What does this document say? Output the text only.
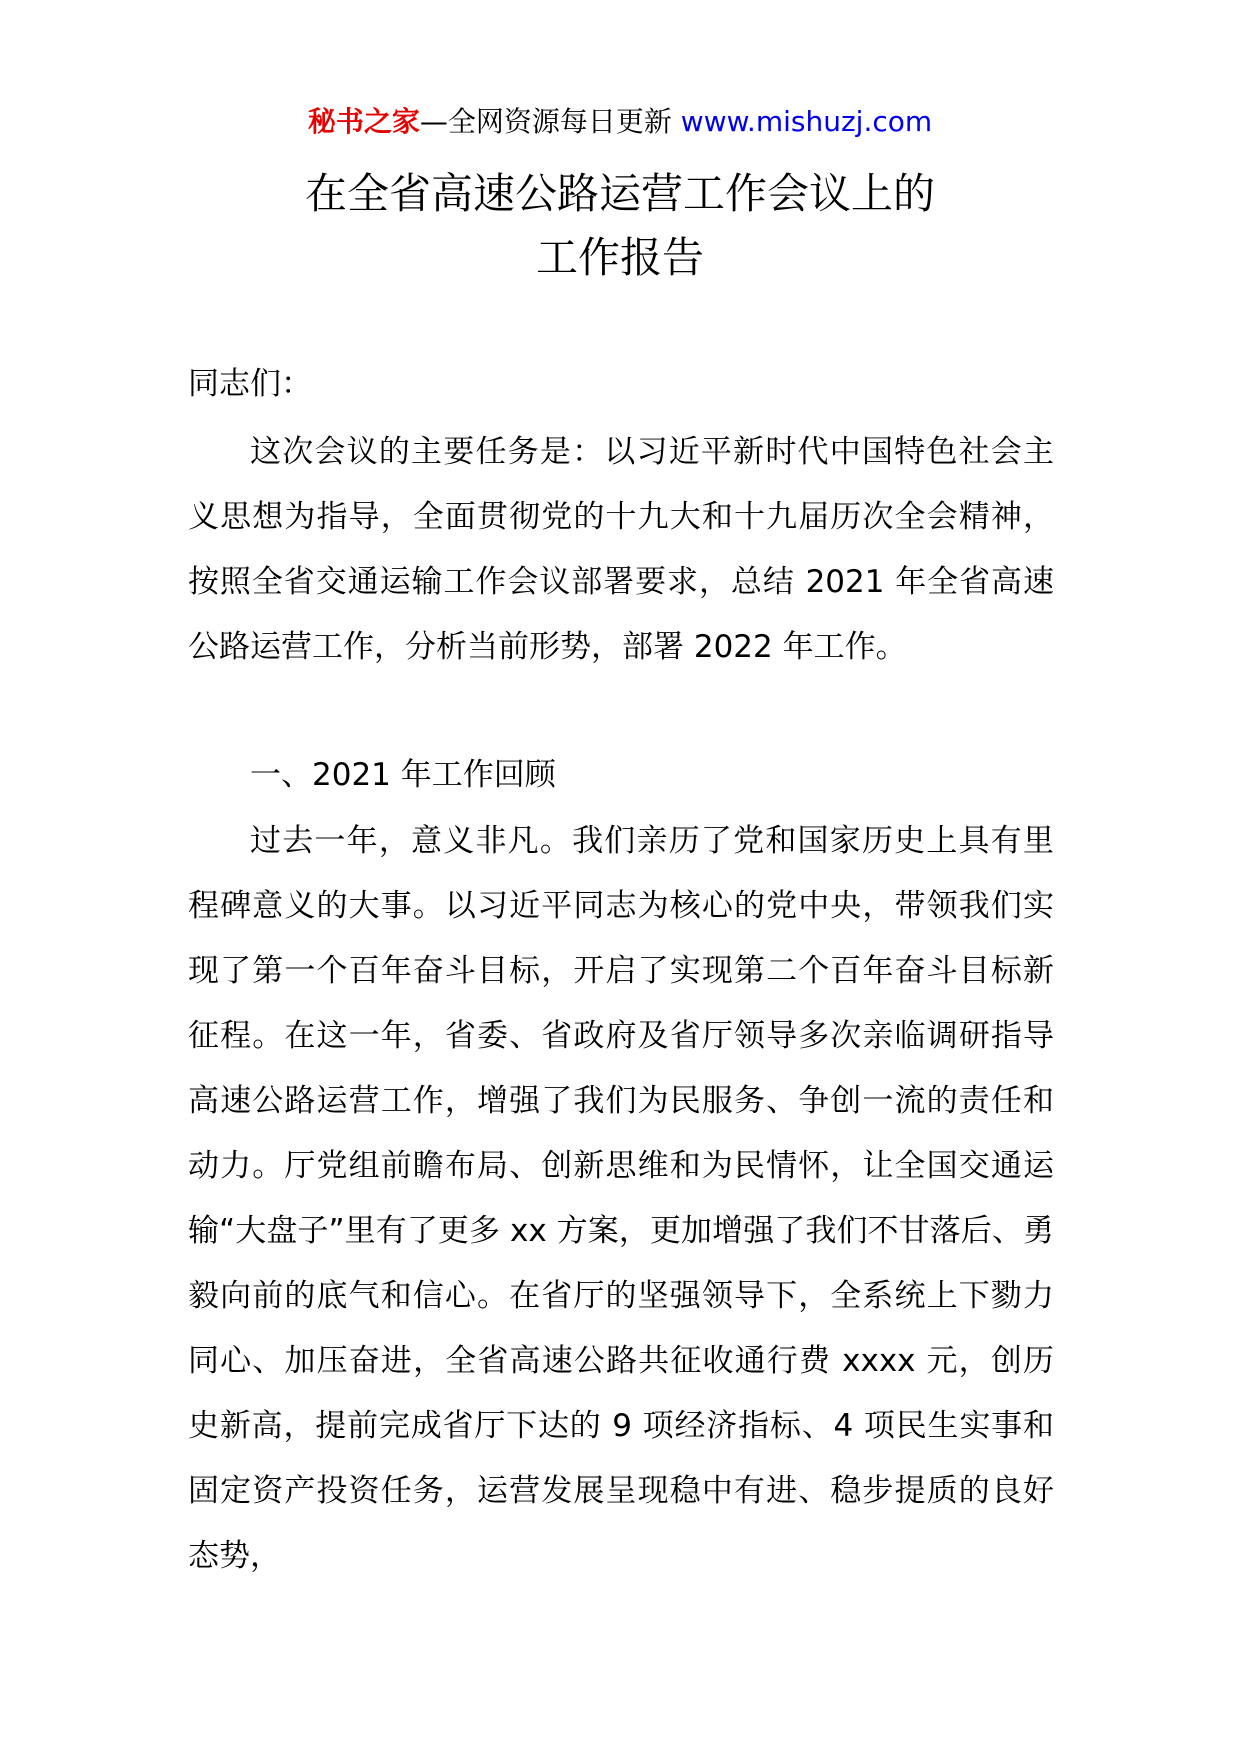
秘书之家—全网资源每日更新 www.mishuzj.com
在全省高速公路运营工作会议上的
工作报告
同志们：

这次会议的主要任务是：以习近平新时代中国特色社会主义思想为指导，全面贯彻党的十九大和十九届历次全会精神，按照全省交通运输工作会议部署要求，总结 2021 年全省高速公路运营工作，分析当前形势，部署 2022 年工作。

一、2021 年工作回顾

过去一年，意义非凡。我们亲历了党和国家历史上具有里程碑意义的大事。以习近平同志为核心的党中央，带领我们实现了第一个百年奋斗目标，开启了实现第二个百年奋斗目标新征程。在这一年，省委、省政府及省厅领导多次亲临调研指导高速公路运营工作，增强了我们为民服务、争创一流的责任和动力。厅党组前瞻布局、创新思维和为民情怀，让全国交通运输“大盘子”里有了更多 xx 方案，更加增强了我们不甘落后、勇毅向前的底气和信心。在省厅的坚强领导下，全系统上下勠力同心、加压奋进，全省高速公路共征收通行费 xxxx 元，创历史新高，提前完成省厅下达的 9 项经济指标、4 项民生实事和固定资产投资任务，运营发展呈现稳中有进、稳步提质的良好态势，
